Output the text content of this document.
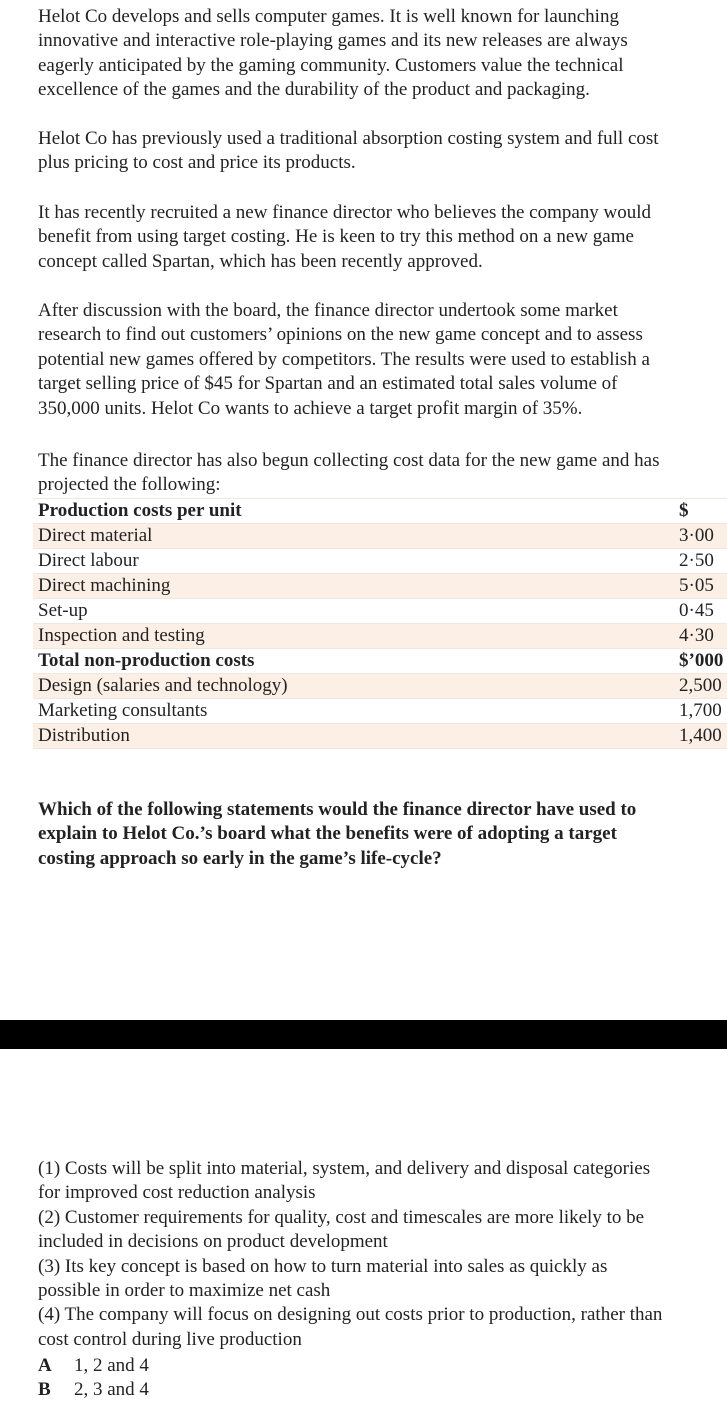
Helot Co develops and sells computer games. It is well known for launching
innovative and interactive role-playing games and its new releases are always
eagerly anticipated by the gaming community. Customers value the technical
excellence of the games and the durability of the product and packaging.

Helot Co has previously used a traditional absorption costing system and full cost
plus pricing to cost and price its products.

It has recently recruited a new finance director who believes the company would
benefit from using target costing. He is keen to try this method on a new game
concept called Spartan, which has been recently approved.

After discussion with the board, the finance director undertook some market
research to find out customers’ opinions on the new game concept and to assess
potential new games offered by competitors. The results were used to establish a
target selling price of $45 for Spartan and an estimated total sales volume of
350,000 units. Helot Co wants to achieve a target profit margin of 35%.

The finance director has also begun collecting cost data for the new game and has
projected the following:

Production costs per unit	$
Direct material	3·00
Direct labour	2·50
Direct machining	5·05
Set-up	0·45
Inspection and testing	4·30
Total non-production costs	$’000
Design (salaries and technology)	2,500
Marketing consultants	1,700
Distribution	1,400

Which of the following statements would the finance director have used to
explain to Helot Co.’s board what the benefits were of adopting a target
costing approach so early in the game’s life-cycle?

(1) Costs will be split into material, system, and delivery and disposal categories
for improved cost reduction analysis
(2) Customer requirements for quality, cost and timescales are more likely to be
included in decisions on product development
(3) Its key concept is based on how to turn material into sales as quickly as
possible in order to maximize net cash
(4) The company will focus on designing out costs prior to production, rather than
cost control during live production

A 1, 2 and 4
B 2, 3 and 4
